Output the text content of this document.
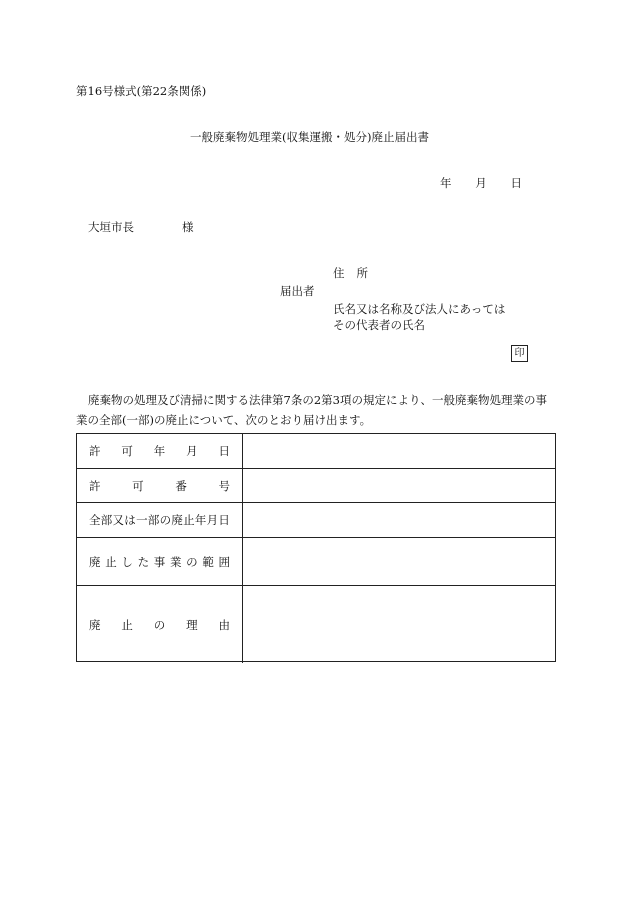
第16号様式(第22条関係)
一般廃棄物処理業(収集運搬・処分)廃止届出書
年 月 日
大垣市長	様
住 所
届出者
氏名又は名称及び法人にあっては
その代表者の氏名
印
廃棄物の処理及び清掃に関する法律第7条の2第3項の規定により、一般廃棄物処理業の事
業の全部(一部)の廃止について、次のとおり届け出ます。
許 可 年 月 日
許	可	番	号
全 部 又 は 一 部 の 廃 止 年 月 日
廃 止 し た 事 業 の 範 囲
廃 止 の 理 由
